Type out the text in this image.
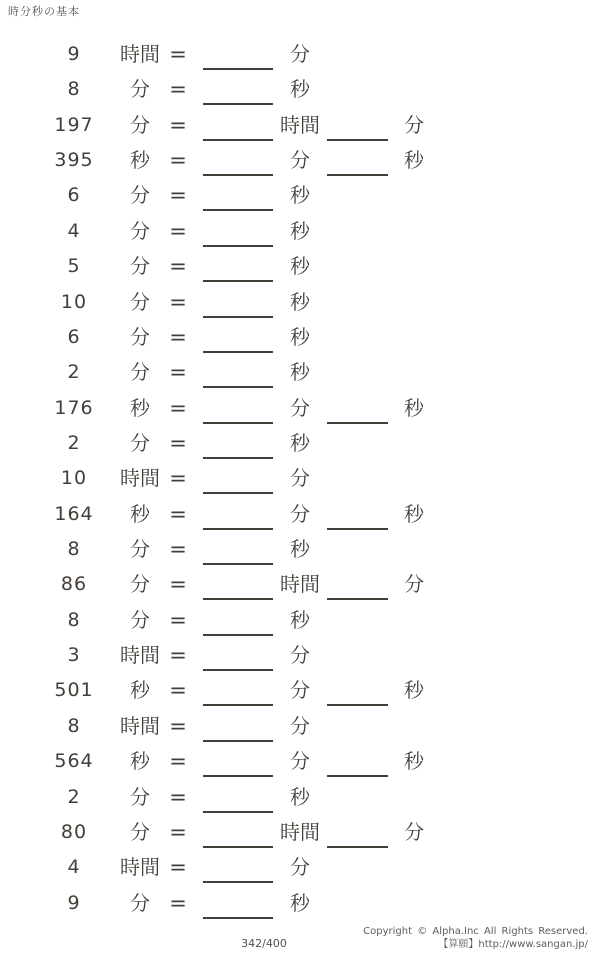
時分秒の基本
9	時間 =	分
8	分 =	秒
197	分 =	時間	分
395	秒 =	分	秒
6	分 =	秒
4	分 =	秒
5	分 =	秒
10	分 =	秒
6	分 =	秒
2	分 =	秒
176	秒 =	分	秒
2	分 =	秒
10	時間 =	分
164	秒 =	分	秒
8	分 =	秒
86	分 =	時間	分
8	分 =	秒
3	時間 =	分
501	秒 =	分	秒
8	時間 =	分
564	秒 =	分	秒
2	分 =	秒
80	分 =	時間	分
4	時間 =	分
9	分 =	秒
342/400
Copyright © Alpha.Inc All Rights Reserved.
【算願】http://www.sangan.jp/
